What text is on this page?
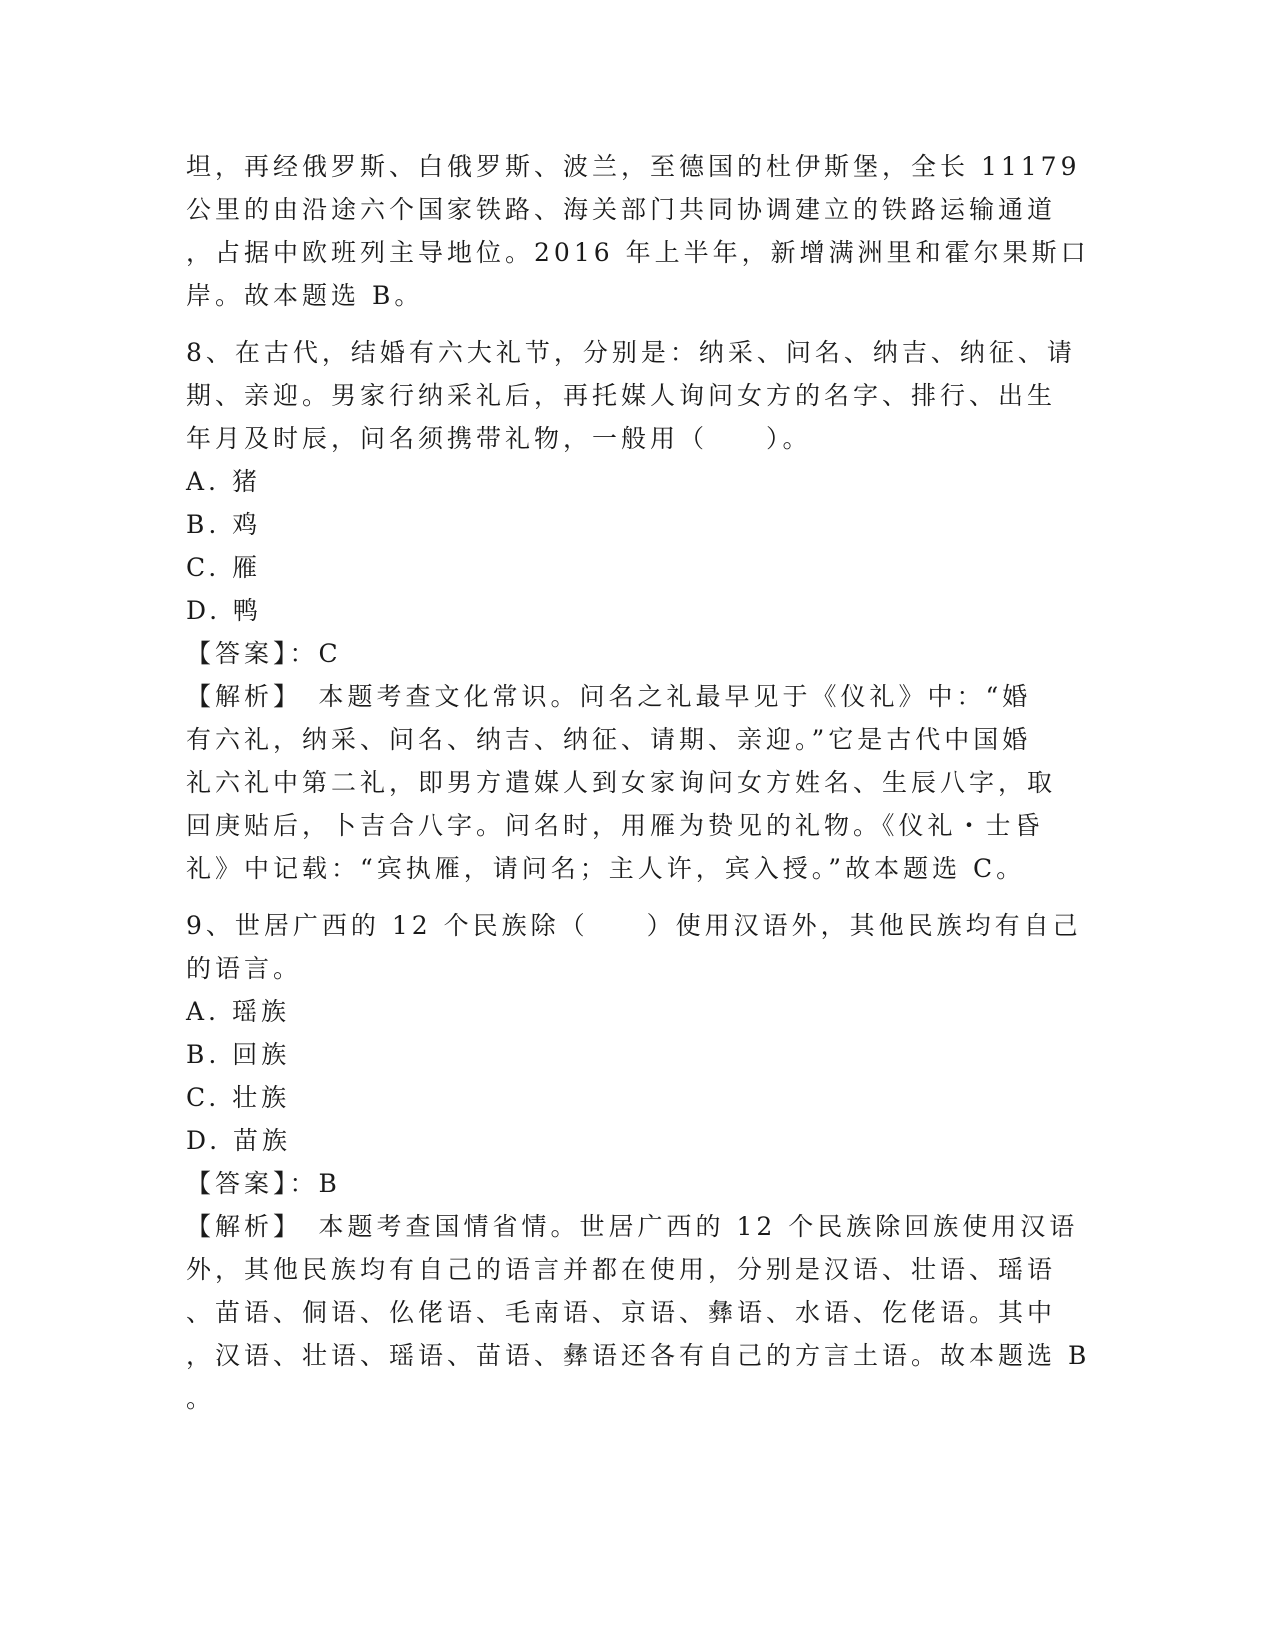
坦，再经俄罗斯、白俄罗斯、波兰，至德国的杜伊斯堡，全长 11179
公里的由沿途六个国家铁路、海关部门共同协调建立的铁路运输通道
，占据中欧班列主导地位。2016 年上半年，新增满洲里和霍尔果斯口
岸。故本题选 B。
8、在古代，结婚有六大礼节，分别是：纳采、问名、纳吉、纳征、请
期、亲迎。男家行纳采礼后，再托媒人询问女方的名字、排行、出生
年月及时辰，问名须携带礼物，一般用（　　）。
A. 猪
B. 鸡
C. 雁
D. 鸭
【答案】：C
【解析】　本题考查文化常识。问名之礼最早见于《仪礼》中：“婚
有六礼，纳采、问名、纳吉、纳征、请期、亲迎。”它是古代中国婚
礼六礼中第二礼，即男方遣媒人到女家询问女方姓名、生辰八字，取
回庚贴后，卜吉合八字。问名时，用雁为贽见的礼物。《仪礼・士昏
礼》中记载：“宾执雁，请问名；主人许，宾入授。”故本题选 C。
9、世居广西的 12 个民族除（　　）使用汉语外，其他民族均有自己
的语言。
A. 瑶族
B. 回族
C. 壮族
D. 苗族
【答案】：B
【解析】　本题考查国情省情。世居广西的 12 个民族除回族使用汉语
外，其他民族均有自己的语言并都在使用，分别是汉语、壮语、瑶语
、苗语、侗语、仫佬语、毛南语、京语、彝语、水语、仡佬语。其中
，汉语、壮语、瑶语、苗语、彝语还各有自己的方言土语。故本题选 B
。
